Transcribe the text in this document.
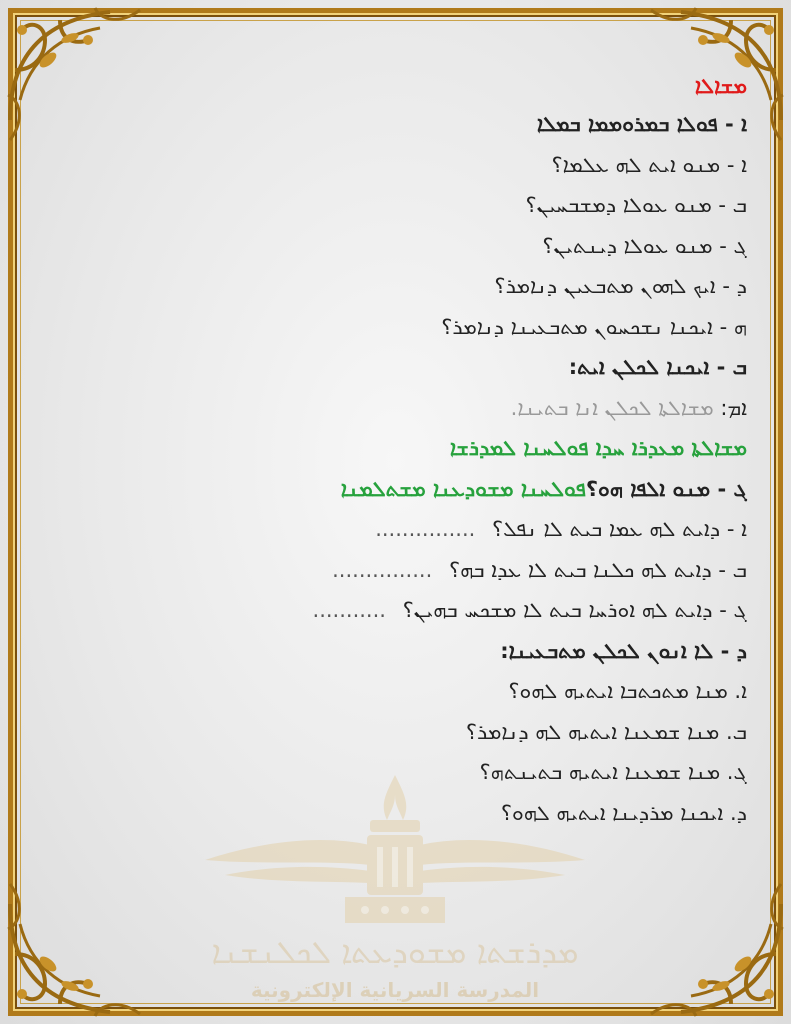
ܡܕܪܫܬܐ ܡܫܘܕܥܬܐ ܠܟܠܢܫܢܐ
المدرسة السريانية الإلكترونية
ܡܫܐܠܐ
ܐ - ܦܘܠܐ ܒܡܪܘܡܡܐ ܒܡܠܐ
ܐ - ܡܢܘ ܐܝܬ ܠܗ ܥܠܡܐ؟
ܒ - ܡܢܘ ܥܘܠܐ ܕܡܫܒܚܝܢ؟
ܓ - ܡܢܘ ܥܘܠܐ ܕܝܢܬܝܢ؟
ܕ - ܐܝܟ ܠܗܘܢ ܡܬܒܥܝܢ ܕܢܐܡܪ؟
ܗ - ܐܝܟܢܐ ܢܫܟܚܘܢ ܡܬܒܥܝܢܐ ܕܢܐܡܪ؟
ܒ - ܐܝܟܢܐ ܠܟܠܢ ܐܝܬ:
ܐܡ: ܡܫܐܠܬܐ ܠܟܠܢ ܐܢܐ ܒܬܝܢܐ.
ܡܫܐܠܬܐ ܡܥܕܪܐ ܚܕܐ ܦܘܠܚܢܐ ܠܡܕܪܫܐ
ܓ - ܡܢܘ ܐܠܦܐ ܗܘ؟ܦܘܠܚܢܐ ܡܫܘܕܥܢܐ ܡܫܬܠܡܢܐ
ܐ - ܕܐܝܬ ܠܗ ܥܡܐ ܒܝܬ ܠܐ ܢܦܠ؟ ...............
ܒ - ܕܐܝܬ ܠܗ ܟܠܢܐ ܒܝܬ ܠܐ ܥܕܐ ܒܗ؟ ...............
ܓ - ܕܐܝܬ ܠܗ ܐܘܪܚܐ ܒܝܬ ܠܐ ܡܫܟܚ ܒܗܝܢ؟ ...........
ܕ - ܠܐ ܐܢܘܢ ܠܟܠܢ ܡܬܒܥܝܢܐ:
ܐ. ܡܢܐ ܡܬܟܬܒܐ ܐܝܬܝܗ ܠܗܘ؟
ܒ. ܡܢܐ ܫܡܥܢܐ ܐܝܬܝܗ ܠܗ ܕܢܐܡܪ؟
ܓ. ܡܢܐ ܫܡܥܢܐ ܐܝܬܝܗ ܒܬܝܢܬܗ؟
ܕ. ܐܝܟܢܐ ܡܪܕܝܢܐ ܐܝܬܝܗ ܠܗܘ؟
